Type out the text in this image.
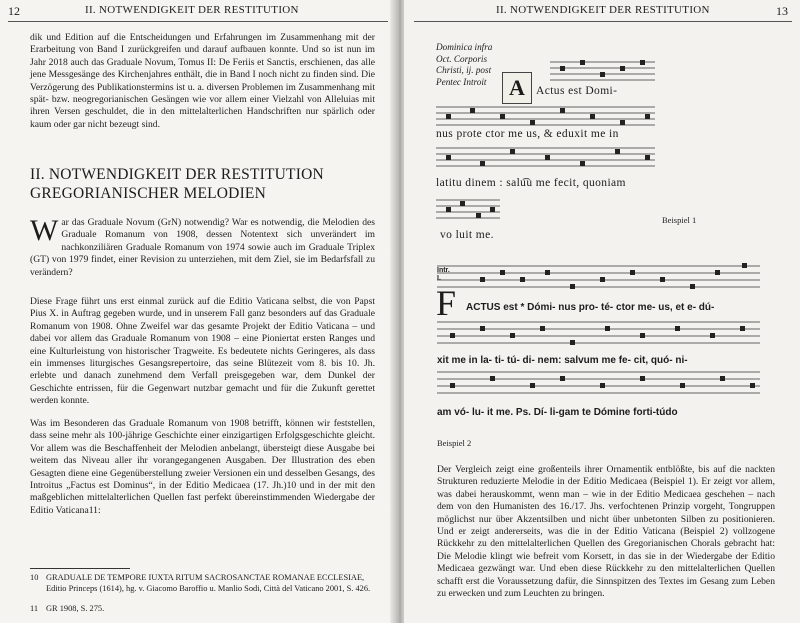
12	II. NOTWENDIGKEIT DER RESTITUTION

dik und Edition auf die Entscheidungen und Erfahrungen im Zusammenhang mit der Erarbeitung von Band I zurückgreifen und darauf aufbauen konnte. Und so ist nun im Jahr 2018 auch das Graduale Novum, Tomus II: De Feriis et Sanctis, erschienen, das alle jene Messgesänge des Kirchenjahres enthält, die in Band I noch nicht zu finden sind. Die Verzögerung des Publikationstermins ist u. a. diversen Problemen im Zusammenhang mit spät- bzw. neogregorianischen Gesängen wie vor allem einer Vielzahl von Alleluias mit ihren Versen geschuldet, die in den mittelalterlichen Handschriften nur spärlich oder kaum oder gar nicht bezeugt sind.

II. NOTWENDIGKEIT DER RESTITUTION GREGORIANISCHER MELODIEN

War das Graduale Novum (GrN) notwendig? War es notwendig, die Melodien des Graduale Romanum von 1908, dessen Notentext sich unverändert im nachkonziliären Graduale Romanum von 1974 sowie auch im Graduale Triplex (GT) von 1979 findet, einer Revision zu unterziehen, mit dem Ziel, sie im Bedarfsfall zu verändern?

Diese Frage führt uns erst einmal zurück auf die Editio Vaticana selbst, die von Papst Pius X. in Auftrag gegeben wurde, und in unserem Fall ganz besonders auf das Graduale Romanum von 1908. Ohne Zweifel war das gesamte Projekt der Editio Vaticana – und dabei vor allem das Graduale Romanum von 1908 – eine Pioniertat ersten Ranges und eine Kulturleistung von historischer Tragweite. Es bedeutete nichts Geringeres, als dass ein immenses liturgisches Gesangsrepertoire, das seine Blütezeit vom 8. bis 10. Jh. erlebte und danach zunehmend dem Verfall preisgegeben war, dem Dunkel der Geschichte entrissen, für die Gegenwart nutzbar gemacht und für die Zukunft gerettet werden konnte.

Was im Besonderen das Graduale Romanum von 1908 betrifft, können wir feststellen, dass seine mehr als 100-jährige Geschichte einer einzigartigen Erfolgsgeschichte gleicht. Vor allem was die Beschaffenheit der Melodien anbelangt, übersteigt diese Ausgabe bei weitem das Niveau aller ihr vorangegangenen Ausgaben. Der Illustration des eben Gesagten diene eine Gegenüberstellung zweier Versionen ein und desselben Gesangs, des Introitus „Factus est Dominus“, in der Editio Medicaea (17. Jh.)10 und in der mit den maßgeblichen mittelalterlichen Quellen fast perfekt übereinstimmenden Wiedergabe der Editio Vaticana11:

10 GRADUALE DE TEMPORE IUXTA RITUM SACROSANCTAE ROMANAE ECCLESIAE, Editio Princeps (1614), hg. v. Giacomo Baroffio u. Manlio Sodi, Città del Vaticano 2001, S. 426.
11 GR 1908, S. 275.
II. NOTWENDIGKEIT DER RESTITUTION	13
Dominica infra
Oct. Corporis
Christi, ij. post
Pentec Introit	A Actus est Domi-
nus prote ctor me us, & eduxit me in
latitu dinem : salu͡u me fecit, quoniam
vo luit me.
Beispiel 1
Intr.
I.
F ACTUS est * Dómi- nus pro- té- ctor me- us, et e- dú-
xit me in la- ti- tú- di- nem: salvum me fe- cit, quó- ni-
am vó- lu- it me. Ps. Dí- li-gam te Dómine forti-túdo
Beispiel 2

Der Vergleich zeigt eine großenteils ihrer Ornamentik entblößte, bis auf die nackten Strukturen reduzierte Melodie in der Editio Medicaea (Beispiel 1). Er zeigt vor allem, was dabei herauskommt, wenn man – wie in der Editio Medicaea geschehen – nach dem von den Humanisten des 16./17. Jhs. verfochtenen Prinzip vorgeht, Tongruppen möglichst nur über Akzentsilben und nicht über unbetonten Silben zu positionieren. Und er zeigt andererseits, was die in der Editio Vaticana (Beispiel 2) vollzogene Rückkehr zu den mittelalterlichen Quellen des Gregorianischen Chorals gebracht hat: Die Melodie klingt wie befreit vom Korsett, in das sie in der Wiedergabe der Editio Medicaea gezwängt war. Und eben diese Rückkehr zu den mittelalterlichen Quellen schafft erst die Voraussetzung dafür, die Sinnspitzen des Textes im Gesang zum Leben zu erwecken und zum Leuchten zu bringen.
